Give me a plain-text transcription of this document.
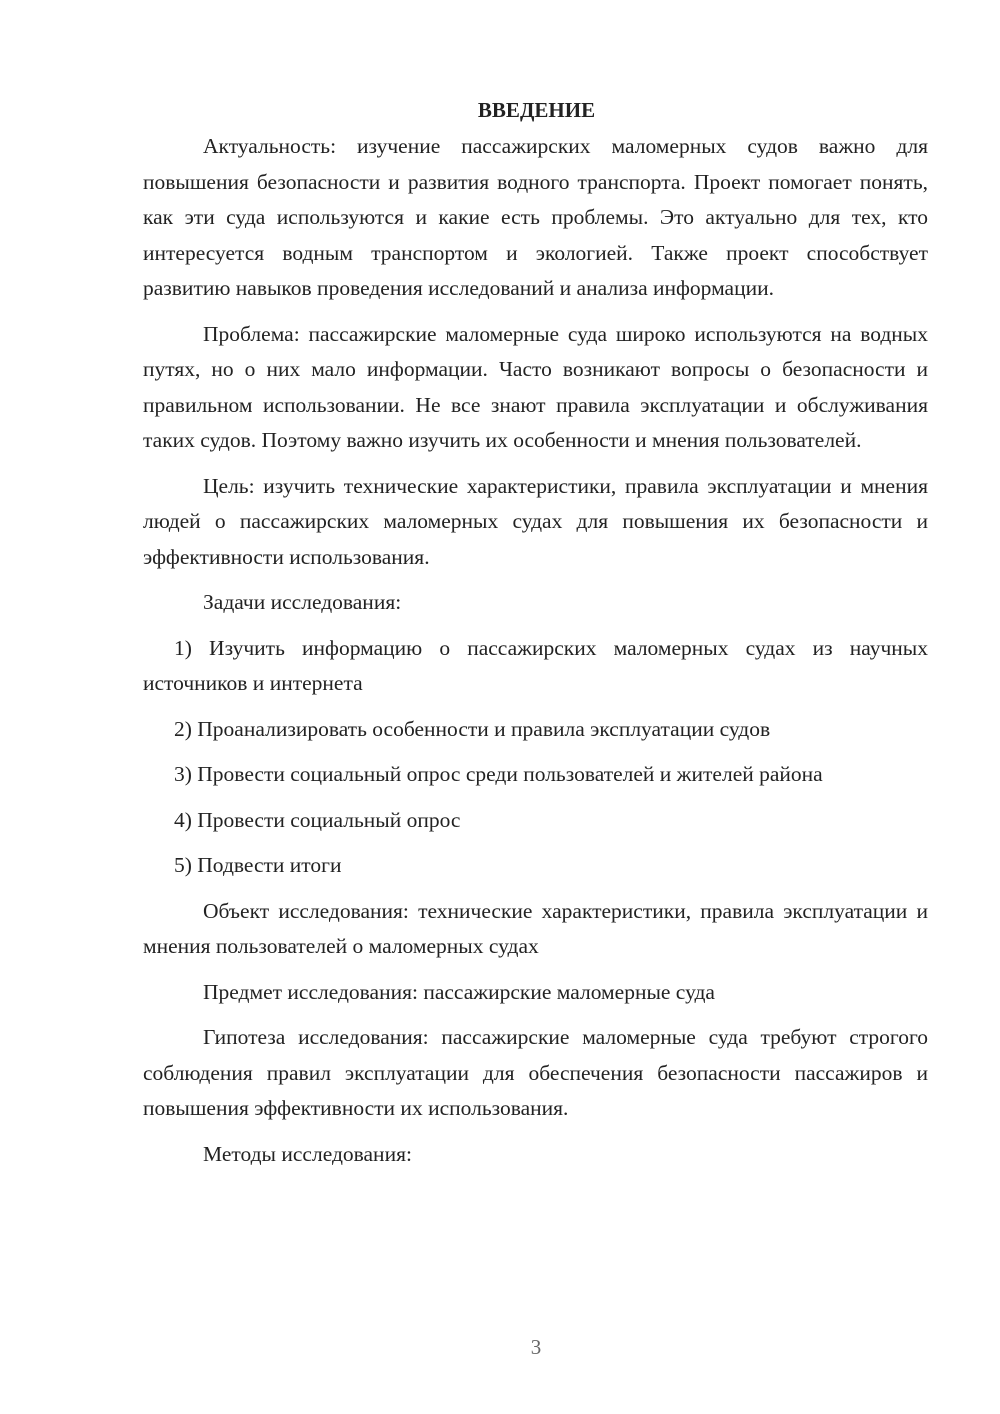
ВВЕДЕНИЕ

Актуальность: изучение пассажирских маломерных судов важно для повышения безопасности и развития водного транспорта. Проект помогает понять, как эти суда используются и какие есть проблемы. Это актуально для тех, кто интересуется водным транспортом и экологией. Также проект способствует развитию навыков проведения исследований и анализа информации.

Проблема: пассажирские маломерные суда широко используются на водных путях, но о них мало информации. Часто возникают вопросы о безопасности и правильном использовании. Не все знают правила эксплуатации и обслуживания таких судов. Поэтому важно изучить их особенности и мнения пользователей.

Цель: изучить технические характеристики, правила эксплуатации и мнения людей о пассажирских маломерных судах для повышения их безопасности и эффективности использования.

Задачи исследования:

1) Изучить информацию о пассажирских маломерных судах из научных источников и интернета

2) Проанализировать особенности и правила эксплуатации судов

3) Провести социальный опрос среди пользователей и жителей района

4) Провести социальный опрос

5) Подвести итоги

Объект исследования: технические характеристики, правила эксплуатации и мнения пользователей о маломерных судах

Предмет исследования: пассажирские маломерные суда

Гипотеза исследования: пассажирские маломерные суда требуют строгого соблюдения правил эксплуатации для обеспечения безопасности пассажиров и повышения эффективности их использования.

Методы исследования:

3
